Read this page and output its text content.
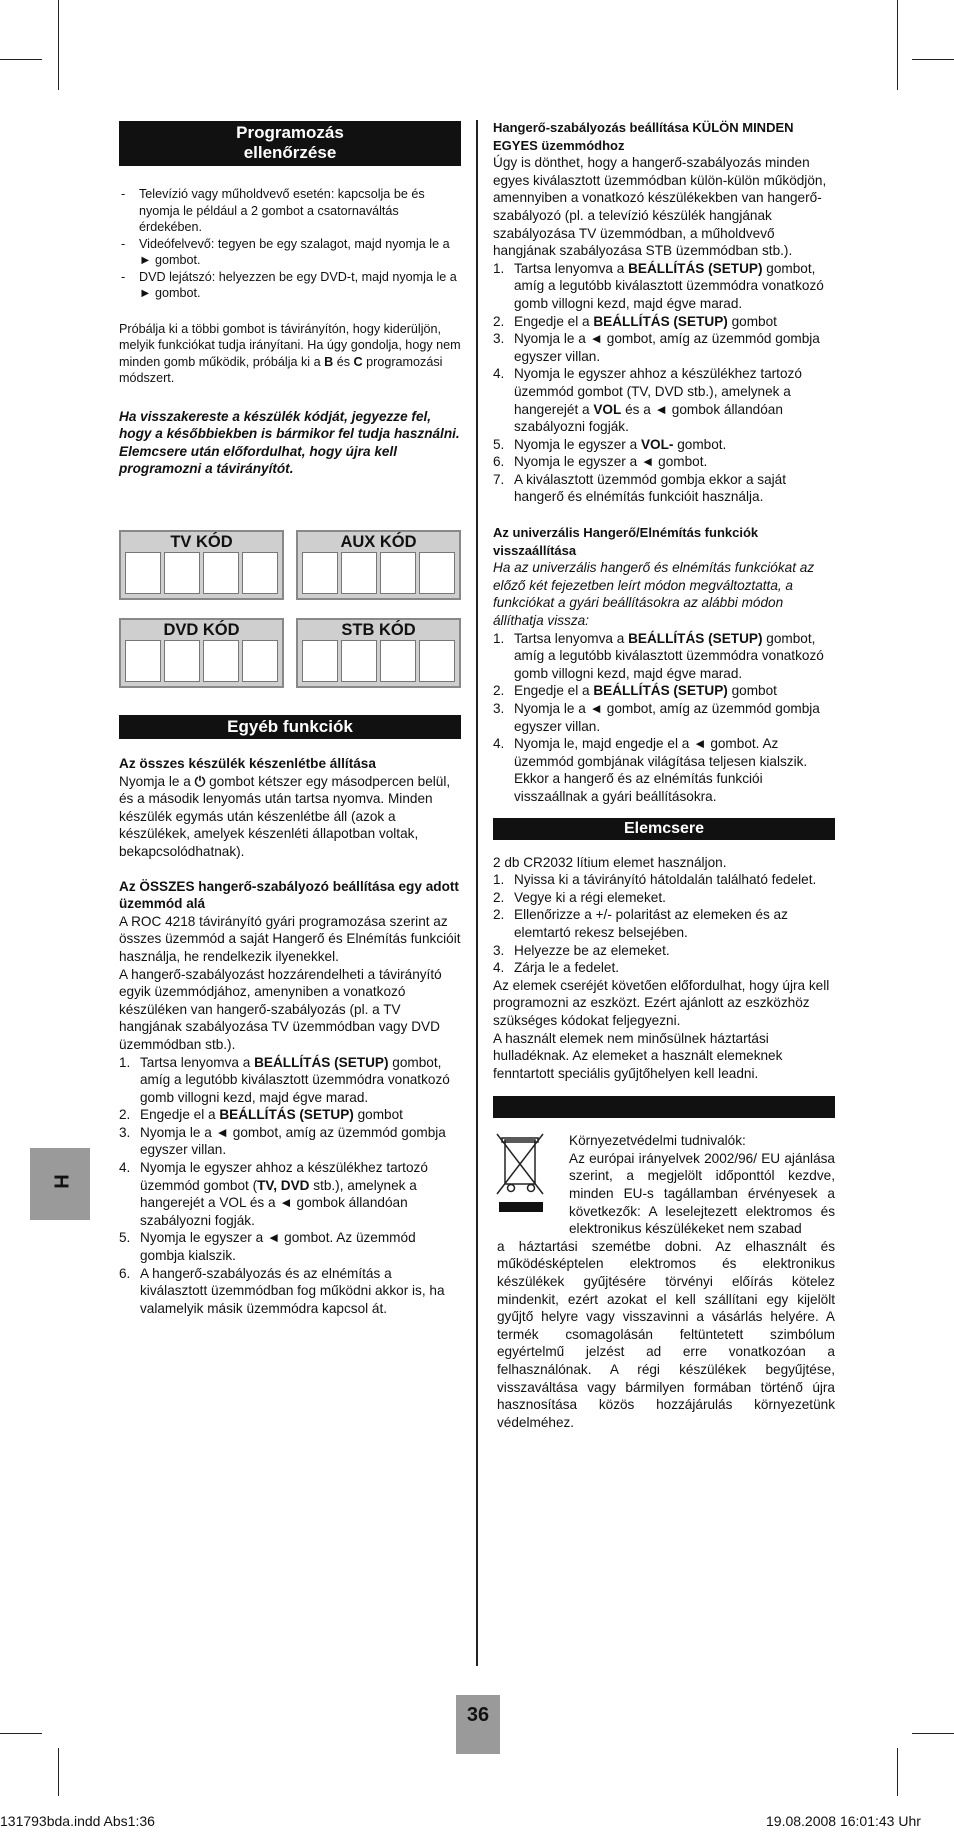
Programozás
ellenőrzése
- Televízió vagy műholdvevő esetén: kapcsolja be és nyomja le például a 2 gombot a csatornaváltás érdekében.
- Videófelvevő: tegyen be egy szalagot, majd nyomja le a ► gombot.
- DVD lejátszó: helyezzen be egy DVD-t, majd nyomja le a ► gombot.

Próbálja ki a többi gombot is távirányítón, hogy kiderüljön, melyik funkciókat tudja irányítani. Ha úgy gondolja, hogy nem minden gomb működik, próbálja ki a B és C programozási módszert.

Ha visszakereste a készülék kódját, jegyezze fel, hogy a későbbiekben is bármikor fel tudja használni.

Elemcsere után előfordulhat, hogy újra kell programozni a távirányítót.

TV KÓD	AUX KÓD
DVD KÓD	STB KÓD
Egyéb funkciók

Az összes készülék készenlétbe állítása

Nyomja le a ⏻ gombot kétszer egy másodpercen belül, és a második lenyomás után tartsa nyomva. Minden készülék egymás után készenlétbe áll (azok a készülékek, amelyek készenléti állapotban voltak, bekapcsolódhatnak).

Az ÖSSZES hangerő-szabályozó beállítása egy adott üzemmód alá

A ROC 4218 távirányító gyári programozása szerint az összes üzemmód a saját Hangerő és Elnémítás funkcióit használja, he rendelkezik ilyenekkel.

A hangerő-szabályozást hozzárendelheti a távirányító egyik üzemmódjához, amenyniben a vonatkozó készüléken van hangerő-szabályozás (pl. a TV hangjának szabályozása TV üzemmódban vagy DVD üzemmódban stb.).

1. Tartsa lenyomva a BEÁLLÍTÁS (SETUP) gombot, amíg a legutóbb kiválasztott üzemmódra vonatkozó gomb villogni kezd, majd égve marad.
2. Engedje el a BEÁLLÍTÁS (SETUP) gombot
3. Nyomja le a ◄ gombot, amíg az üzemmód gombja egyszer villan.
4. Nyomja le egyszer ahhoz a készülékhez tartozó üzemmód gombot (TV, DVD stb.), amelynek a hangerejét a VOL és a ◄ gombok állandóan szabályozni fogják.
5. Nyomja le egyszer a ◄ gombot. Az üzemmód gombja kialszik.
6. A hangerő-szabályozás és az elnémítás a kiválasztott üzemmódban fog működni akkor is, ha valamelyik másik üzemmódra kapcsol át.
H

Hangerő-szabályozás beállítása KÜLÖN MINDEN EGYES üzemmódhoz

Úgy is dönthet, hogy a hangerő-szabályozás minden egyes kiválasztott üzemmódban külön-külön működjön, amennyiben a vonatkozó készülékekben van hangerő-szabályozó (pl. a televízió készülék hangjának szabályozása TV üzemmódban, a műholdvevő hangjának szabályozása STB üzemmódban stb.).

1. Tartsa lenyomva a BEÁLLÍTÁS (SETUP) gombot, amíg a legutóbb kiválasztott üzemmódra vonatkozó gomb villogni kezd, majd égve marad.
2. Engedje el a BEÁLLÍTÁS (SETUP) gombot
3. Nyomja le a ◄ gombot, amíg az üzemmód gombja egyszer villan.
4. Nyomja le egyszer ahhoz a készülékhez tartozó üzemmód gombot (TV, DVD stb.), amelynek a hangerejét a VOL és a ◄ gombok állandóan szabályozni fogják.
5. Nyomja le egyszer a VOL- gombot.
6. Nyomja le egyszer a ◄ gombot.
7. A kiválasztott üzemmód gombja ekkor a saját hangerő és elnémítás funkcióit használja.

Az univerzális Hangerő/Elnémítás funkciók visszaállítása

Ha az univerzális hangerő és elnémítás funkciókat az előző két fejezetben leírt módon megváltoztatta, a funkciókat a gyári beállításokra az alábbi módon állíthatja vissza:

1. Tartsa lenyomva a BEÁLLÍTÁS (SETUP) gombot, amíg a legutóbb kiválasztott üzemmódra vonatkozó gomb villogni kezd, majd égve marad.
2. Engedje el a BEÁLLÍTÁS (SETUP) gombot
3. Nyomja le a ◄ gombot, amíg az üzemmód gombja egyszer villan.
4. Nyomja le, majd engedje el a ◄ gombot. Az üzemmód gombjának világítása teljesen kialszik. Ekkor a hangerő és az elnémítás funkciói visszaállnak a gyári beállításokra.
Elemcsere

2 db CR2032 lítium elemet használjon.

1. Nyissa ki a távirányító hátoldalán található fedelet.
2. Vegye ki a régi elemeket.
2. Ellenőrizze a +/- polaritást az elemeken és az elemtartó rekesz belsejében.
3. Helyezze be az elemeket.
4. Zárja le a fedelet.

Az elemek cseréjét követően előfordulhat, hogy újra kell programozni az eszközt. Ezért ajánlott az eszközhöz szükséges kódokat feljegyezni.

A használt elemek nem minősülnek háztartási hulladéknak. Az elemeket a használt elemeknek fenntartott speciális gyűjtőhelyen kell leadni.

Környezetvédelmi tudnivalók:

Az európai irányelvek 2002/96/ EU ajánlása szerint, a megjelölt időponttól kezdve, minden EU-s tagállamban érvényesek a következők: A leselejtezett elektromos és elektronikus készülékeket nem szabad

a háztartási szemétbe dobni. Az elhasznált és működésképtelen elektromos és elektronikus készülékek gyűjtésére törvényi előírás kötelez mindenkit, ezért azokat el kell szállítani egy kijelölt gyűjtő helyre vagy visszavinni a vásárlás helyére. A termék csomagolásán feltüntetett szimbólum egyértelmű jelzést ad erre vonatkozóan a felhasználónak. A régi készülékek begyűjtése, visszaváltása vagy bármilyen formában történő újra hasznosítása közös hozzájárulás környezetünk védelméhez.

36
131793bda.indd Abs1:36	19.08.2008 16:01:43 Uhr
